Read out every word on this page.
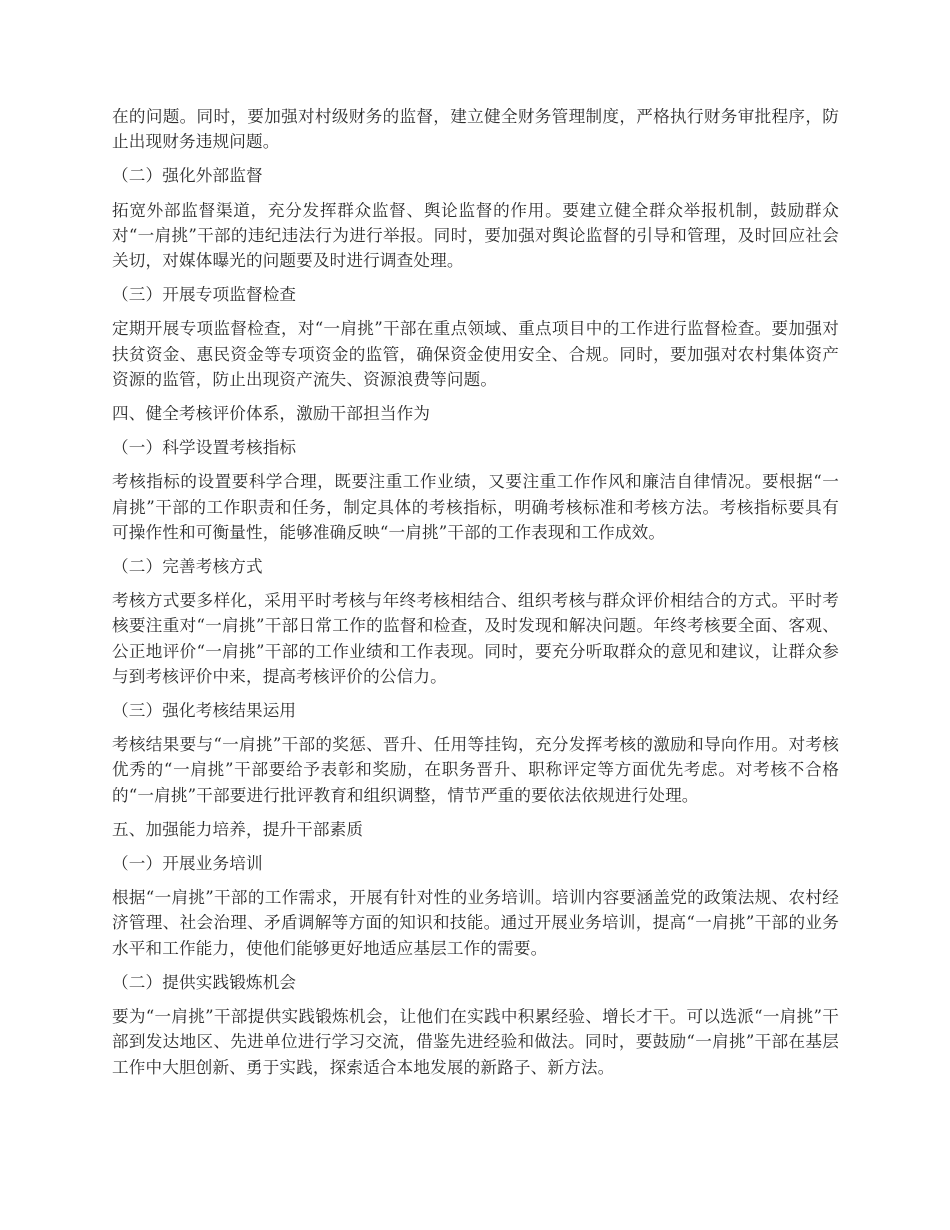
在的问题。同时，要加强对村级财务的监督，建立健全财务管理制度，严格执行财务审批程序，防止出现财务违规问题。

（二）强化外部监督

拓宽外部监督渠道，充分发挥群众监督、舆论监督的作用。要建立健全群众举报机制，鼓励群众对“一肩挑”干部的违纪违法行为进行举报。同时，要加强对舆论监督的引导和管理，及时回应社会关切，对媒体曝光的问题要及时进行调查处理。

（三）开展专项监督检查

定期开展专项监督检查，对“一肩挑”干部在重点领域、重点项目中的工作进行监督检查。要加强对扶贫资金、惠民资金等专项资金的监管，确保资金使用安全、合规。同时，要加强对农村集体资产资源的监管，防止出现资产流失、资源浪费等问题。

四、健全考核评价体系，激励干部担当作为

（一）科学设置考核指标

考核指标的设置要科学合理，既要注重工作业绩，又要注重工作作风和廉洁自律情况。要根据“一肩挑”干部的工作职责和任务，制定具体的考核指标，明确考核标准和考核方法。考核指标要具有可操作性和可衡量性，能够准确反映“一肩挑”干部的工作表现和工作成效。

（二）完善考核方式

考核方式要多样化，采用平时考核与年终考核相结合、组织考核与群众评价相结合的方式。平时考核要注重对“一肩挑”干部日常工作的监督和检查，及时发现和解决问题。年终考核要全面、客观、公正地评价“一肩挑”干部的工作业绩和工作表现。同时，要充分听取群众的意见和建议，让群众参与到考核评价中来，提高考核评价的公信力。

（三）强化考核结果运用

考核结果要与“一肩挑”干部的奖惩、晋升、任用等挂钩，充分发挥考核的激励和导向作用。对考核优秀的“一肩挑”干部要给予表彰和奖励，在职务晋升、职称评定等方面优先考虑。对考核不合格的“一肩挑”干部要进行批评教育和组织调整，情节严重的要依法依规进行处理。

五、加强能力培养，提升干部素质

（一）开展业务培训

根据“一肩挑”干部的工作需求，开展有针对性的业务培训。培训内容要涵盖党的政策法规、农村经济管理、社会治理、矛盾调解等方面的知识和技能。通过开展业务培训，提高“一肩挑”干部的业务水平和工作能力，使他们能够更好地适应基层工作的需要。

（二）提供实践锻炼机会

要为“一肩挑”干部提供实践锻炼机会，让他们在实践中积累经验、增长才干。可以选派“一肩挑”干部到发达地区、先进单位进行学习交流，借鉴先进经验和做法。同时，要鼓励“一肩挑”干部在基层工作中大胆创新、勇于实践，探索适合本地发展的新路子、新方法。
